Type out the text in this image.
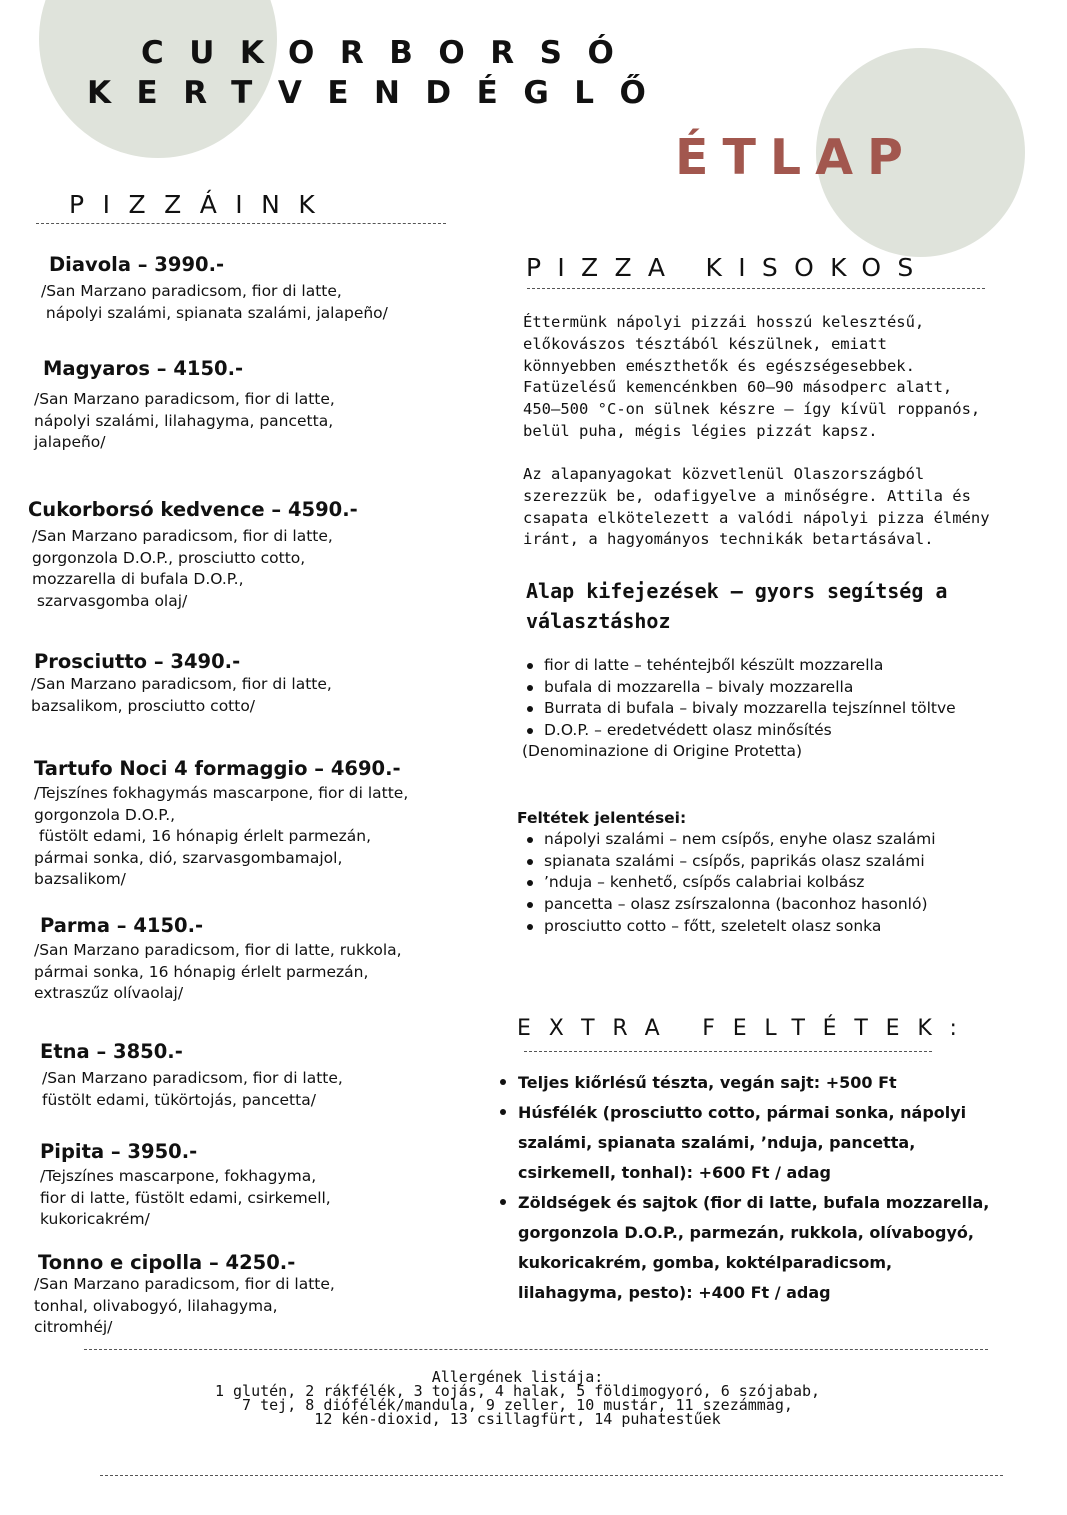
CUKORBORSÓ
KERTVENDÉGLŐ
ÉTLAP
PIZZÁINK
Diavola – 3990.-
/San Marzano paradicsom, fior di latte,
nápolyi szalámi, spianata szalámi, jalapeño/
Magyaros – 4150.-
/San Marzano paradicsom, fior di latte,
nápolyi szalámi, lilahagyma, pancetta,
jalapeño/
Cukorborsó kedvence – 4590.-
/San Marzano paradicsom, fior di latte,
gorgonzola D.O.P., prosciutto cotto,
mozzarella di bufala D.O.P.,
szarvasgomba olaj/
Prosciutto – 3490.-
/San Marzano paradicsom, fior di latte,
bazsalikom, prosciutto cotto/
Tartufo Noci 4 formaggio – 4690.-
/Tejszínes fokhagymás mascarpone, fior di latte,
gorgonzola D.O.P.,
füstölt edami, 16 hónapig érlelt parmezán,
pármai sonka, dió, szarvasgombamajol,
bazsalikom/
Parma – 4150.-
/San Marzano paradicsom, fior di latte, rukkola,
pármai sonka, 16 hónapig érlelt parmezán,
extraszűz olívaolaj/
Etna – 3850.-
/San Marzano paradicsom, fior di latte,
füstölt edami, tükörtojás, pancetta/
Pipita – 3950.-
/Tejszínes mascarpone, fokhagyma,
fior di latte, füstölt edami, csirkemell,
kukoricakrém/
Tonno e cipolla – 4250.-
/San Marzano paradicsom, fior di latte,
tonhal, olivabogyó, lilahagyma,
citromhéj/
PIZZA KISOKOS
Éttermünk nápolyi pizzái hosszú kelesztésű,
előkovászos tésztából készülnek, emiatt
könnyebben emészthetők és egészségesebbek.
Fatüzelésű kemencénkben 60–90 másodperc alatt,
450–500 °C-on sülnek készre – így kívül roppanós,
belül puha, mégis légies pizzát kapsz.
Az alapanyagokat közvetlenül Olaszországból
szerezzük be, odafigyelve a minőségre. Attila és
csapata elkötelezett a valódi nápolyi pizza élmény
iránt, a hagyományos technikák betartásával.
Alap kifejezések – gyors segítség a
választáshoz
fior di latte – tehéntejből készült mozzarella
bufala di mozzarella – bivaly mozzarella
Burrata di bufala – bivaly mozzarella tejszínnel töltve
D.O.P. – eredetvédett olasz minősítés
(Denominazione di Origine Protetta)
Feltétek jelentései:
nápolyi szalámi – nem csípős, enyhe olasz szalámi
spianata szalámi – csípős, paprikás olasz szalámi
’nduja – kenhető, csípős calabriai kolbász
pancetta – olasz zsírszalonna (baconhoz hasonló)
prosciutto cotto – főtt, szeletelt olasz sonka
EXTRA FELTÉTEK:
Teljes kiőrlésű tészta, vegán sajt: +500 Ft
Húsfélék (prosciutto cotto, pármai sonka, nápolyi
szalámi, spianata szalámi, ’nduja, pancetta,
csirkemell, tonhal): +600 Ft / adag
Zöldségek és sajtok (fior di latte, bufala mozzarella,
gorgonzola D.O.P., parmezán, rukkola, olívabogyó,
kukoricakrém, gomba, koktélparadicsom,
lilahagyma, pesto): +400 Ft / adag
Allergének listája:
1 glutén, 2 rákfélék, 3 tojás, 4 halak, 5 földimogyoró, 6 szójabab,
7 tej, 8 diófélék/mandula, 9 zeller, 10 mustár, 11 szezámmag,
12 kén-dioxid, 13 csillagfürt, 14 puhatestűek
